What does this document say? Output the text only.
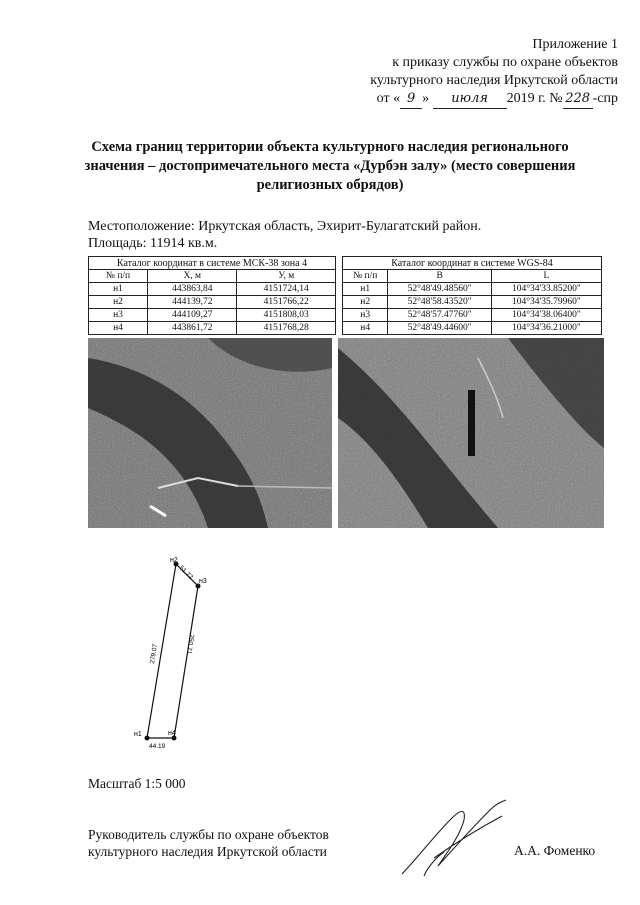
Приложение 1
к приказу службы по охране объектов
культурного наследия Иркутской области
от « 9 » июля 2019 г. № 228 -спр
Схема границ территории объекта культурного наследия регионального значения – достопримечательного места «Дурбэн залу» (место совершения религиозных обрядов)
Местоположение: Иркутская область, Эхирит-Булагатский район.
Площадь: 11914 кв.м.
Каталог координат в системе МСК-38 зона 4		
№ п/п	X, м	У, м
н1	443863,84	4151724,14
н2	444139,72	4151766,22
н3	444109,27	4151808,03
н4	443861,72	4151768,28
Каталог координат в системе WGS-84		
№ п/п	B	L
н1	52°48'49.48560"	104°34'33.85200"
н2	52°48'58.43520"	104°34'35.79960"
н3	52°48'57.47760"	104°34'38.06400"
н4	52°48'49.44600"	104°34'36.21000"
н1
н2
н3
н4
279.07
51.72
250.71
44.19
Масштаб 1:5 000
Руководитель службы по охране объектов
культурного наследия Иркутской области	А.А. Фоменко
